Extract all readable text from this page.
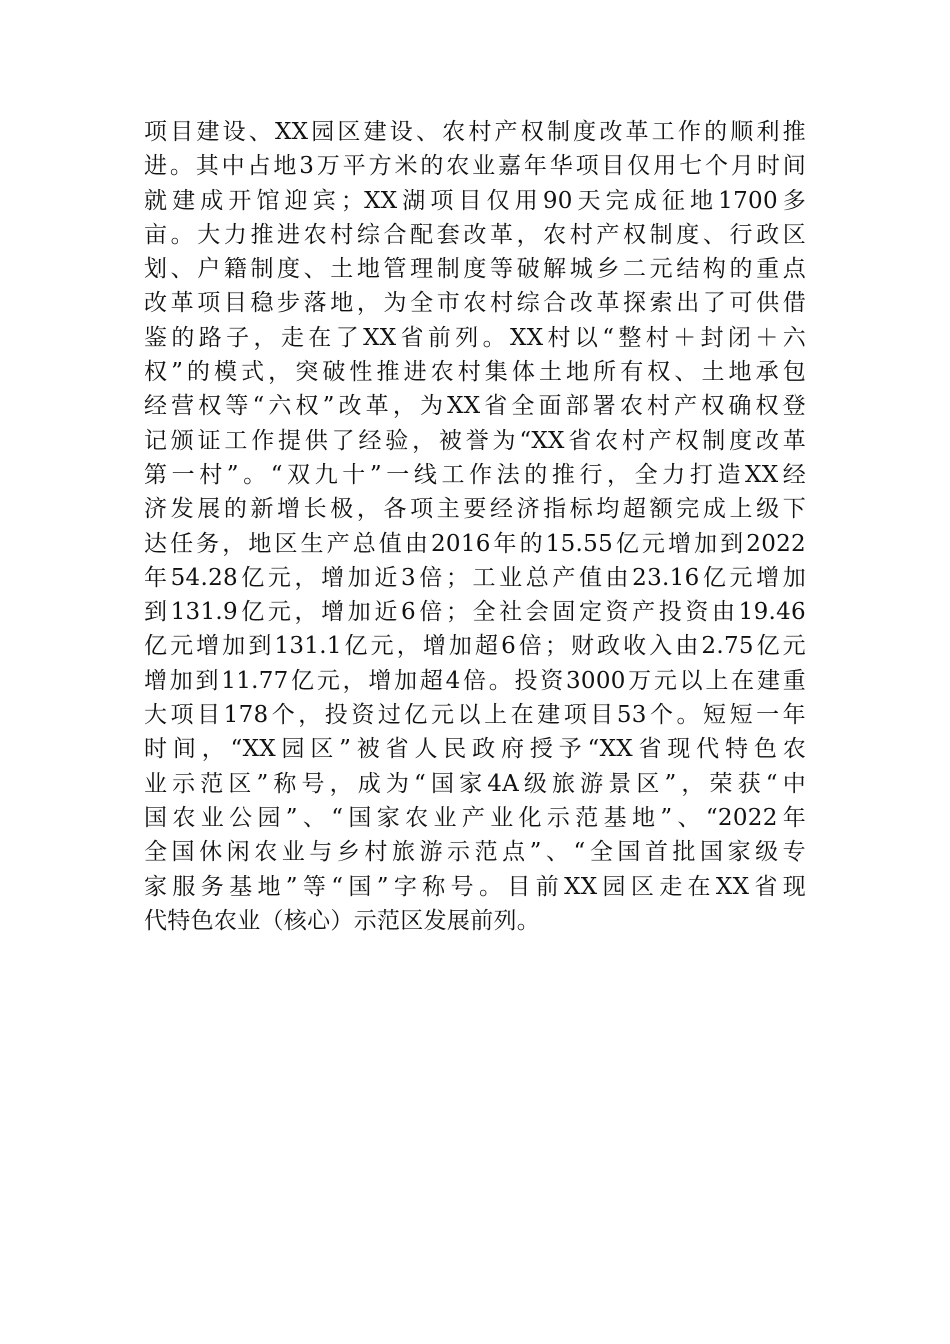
项目建设、XX园区建设、农村产权制度改革工作的顺利推
进。其中占地3万平方米的农业嘉年华项目仅用七个月时间
就建成开馆迎宾；XX湖项目仅用90天完成征地1700多
亩。大力推进农村综合配套改革，农村产权制度、行政区
划、户籍制度、土地管理制度等破解城乡二元结构的重点
改革项目稳步落地，为全市农村综合改革探索出了可供借
鉴的路子，走在了XX省前列。XX村以“整村＋封闭＋六
权”的模式，突破性推进农村集体土地所有权、土地承包
经营权等“六权”改革，为XX省全面部署农村产权确权登
记颁证工作提供了经验，被誉为“XX省农村产权制度改革
第一村”。“双九十”一线工作法的推行，全力打造XX经
济发展的新增长极，各项主要经济指标均超额完成上级下
达任务，地区生产总值由2016年的15.55亿元增加到2022
年54.28亿元，增加近3倍；工业总产值由23.16亿元增加
到131.9亿元，增加近6倍；全社会固定资产投资由19.46
亿元增加到131.1亿元，增加超6倍；财政收入由2.75亿元
增加到11.77亿元，增加超4倍。投资3000万元以上在建重
大项目178个，投资过亿元以上在建项目53个。短短一年
时间，“XX园区”被省人民政府授予“XX省现代特色农
业示范区”称号，成为“国家4A级旅游景区”，荣获“中
国农业公园”、“国家农业产业化示范基地”、“2022年
全国休闲农业与乡村旅游示范点”、“全国首批国家级专
家服务基地”等“国”字称号。目前XX园区走在XX省现
代特色农业（核心）示范区发展前列。
